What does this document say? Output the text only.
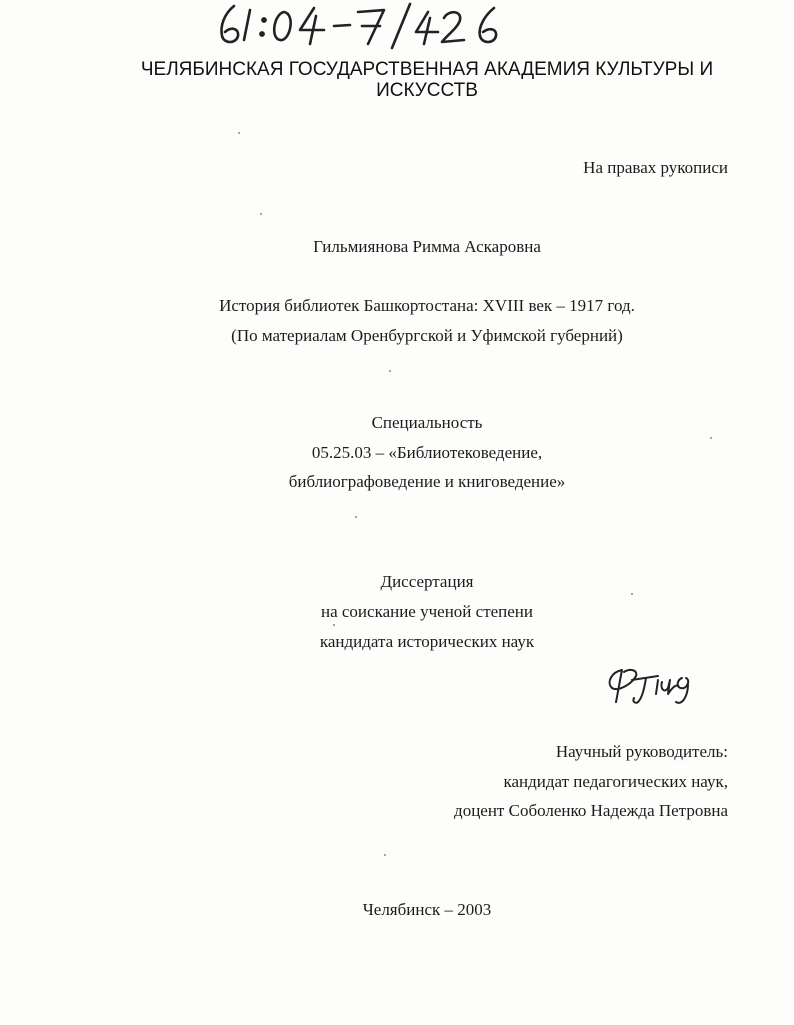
ЧЕЛЯБИНСКАЯ ГОСУДАРСТВЕННАЯ АКАДЕМИЯ КУЛЬТУРЫ И
ИСКУССТВ
На правах рукописи
Гильмиянова Римма Аскаровна
История библиотек Башкортостана: XVIII век – 1917 год.
(По материалам Оренбургской и Уфимской губерний)
Специальность
05.25.03 – «Библиотековедение,
библиографоведение и книговедение»
Диссертация
на соискание ученой степени
кандидата исторических наук
Научный руководитель:
кандидат педагогических наук,
доцент Соболенко Надежда Петровна
Челябинск – 2003
